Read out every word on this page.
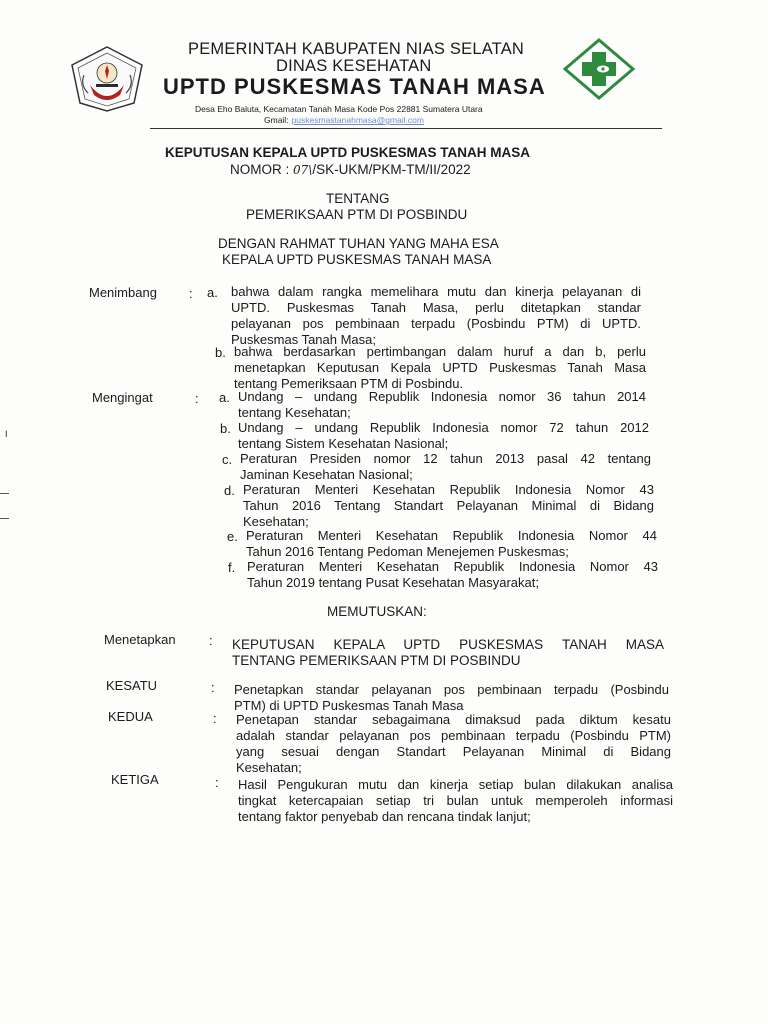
PEMERINTAH KABUPATEN NIAS SELATAN
DINAS KESEHATAN
UPTD PUSKESMAS TANAH MASA
Desa Eho Baluta, Kecamatan Tanah Masa Kode Pos 22881 Sumatera Utara
Gmail: puskesmastanahmasa@gmail.com
KEPUTUSAN KEPALA UPTD PUSKESMAS TANAH MASA
NOMOR : 07\/SK-UKM/PKM-TM/II/2022
TENTANG
PEMERIKSAAN PTM DI POSBINDU
DENGAN RAHMAT TUHAN YANG MAHA ESA
KEPALA UPTD PUSKESMAS TANAH MASA
Menimbang : a. bahwa dalam rangka memelihara mutu dan kinerja pelayanan di
UPTD. Puskesmas Tanah Masa, perlu ditetapkan standar
pelayanan pos pembinaan terpadu (Posbindu PTM) di UPTD.
Puskesmas Tanah Masa;
b. bahwa berdasarkan pertimbangan dalam huruf a dan b, perlu
menetapkan Keputusan Kepala UPTD Puskesmas Tanah Masa
tentang Pemeriksaan PTM di Posbindu.
Mengingat	: a. Undang – undang Republik Indonesia nomor 36 tahun 2014
tentang Kesehatan;
b. Undang – undang Republik Indonesia nomor 72 tahun 2012
tentang Sistem Kesehatan Nasional;
c. Peraturan Presiden nomor 12 tahun 2013 pasal 42 tentang
Jaminan Kesehatan Nasional;
d. Peraturan Menteri Kesehatan Republik Indonesia Nomor 43
Tahun 2016 Tentang Standart Pelayanan Minimal di Bidang
Kesehatan;
e. Peraturan Menteri Kesehatan Republik Indonesia Nomor 44
Tahun 2016 Tentang Pedoman Menejemen Puskesmas;
f. Peraturan Menteri Kesehatan Republik Indonesia Nomor 43
Tahun 2019 tentang Pusat Kesehatan Masyarakat;
MEMUTUSKAN:
Menetapkan	: KEPUTUSAN KEPALA UPTD PUSKESMAS TANAH MASA
TENTANG PEMERIKSAAN PTM DI POSBINDU
KESATU	: Penetapkan standar pelayanan pos pembinaan terpadu (Posbindu
PTM) di UPTD Puskesmas Tanah Masa
KEDUA	: Penetapan standar sebagaimana dimaksud pada diktum kesatu
adalah standar pelayanan pos pembinaan terpadu (Posbindu PTM)
yang sesuai dengan Standart Pelayanan Minimal di Bidang
Kesehatan;
KETIGA	: Hasil Pengukuran mutu dan kinerja setiap bulan dilakukan analisa
tingkat ketercapaian setiap tri bulan untuk memperoleh informasi
tentang faktor penyebab dan rencana tindak lanjut;
I
